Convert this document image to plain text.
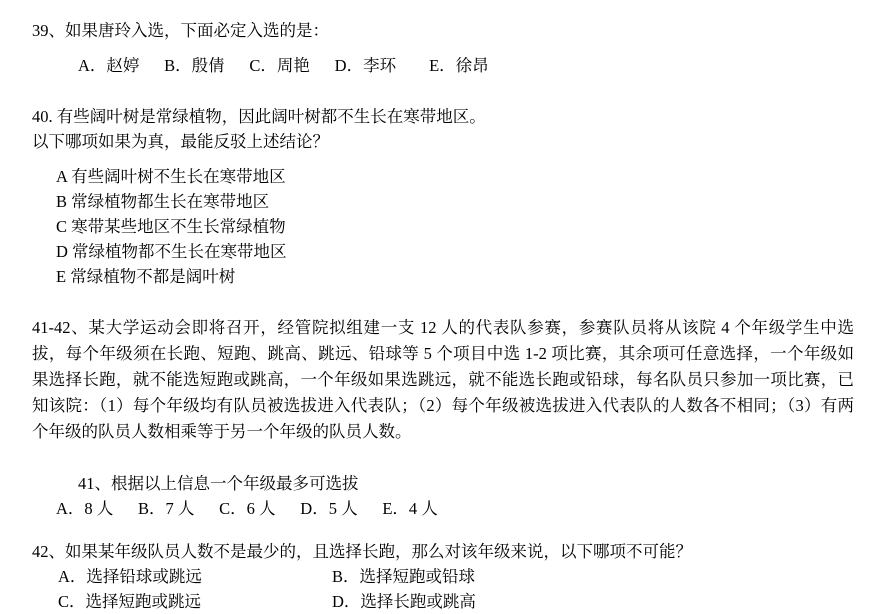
39、如果唐玲入选，下面必定入选的是：
A．赵婷      B．殷倩      C．周艳      D．李环        E．徐昂
40. 有些阔叶树是常绿植物，因此阔叶树都不生长在寒带地区。
以下哪项如果为真，最能反驳上述结论？
A 有些阔叶树不生长在寒带地区
B 常绿植物都生长在寒带地区
C 寒带某些地区不生长常绿植物
D 常绿植物都不生长在寒带地区
E 常绿植物不都是阔叶树
41-42、某大学运动会即将召开，经管院拟组建一支 12 人的代表队参赛，参赛队员将从该院 4 个年级学生中选拔，每个年级须在长跑、短跑、跳高、跳远、铅球等 5 个项目中选 1-2 项比赛，其余项可任意选择，一个年级如果选择长跑，就不能选短跑或跳高，一个年级如果选跳远，就不能选长跑或铅球，每名队员只参加一项比赛，已知该院：（1）每个年级均有队员被选拔进入代表队；（2）每个年级被选拔进入代表队的人数各不相同；（3）有两个年级的队员人数相乘等于另一个年级的队员人数。
41、根据以上信息一个年级最多可选拔
A．8 人      B．7 人      C．6 人      D．5 人      E．4 人
42、如果某年级队员人数不是最少的，且选择长跑，那么对该年级来说，以下哪项不可能？
A．选择铅球或跳远	B．选择短跑或铅球
C．选择短跑或跳远	D．选择长跑或跳高
